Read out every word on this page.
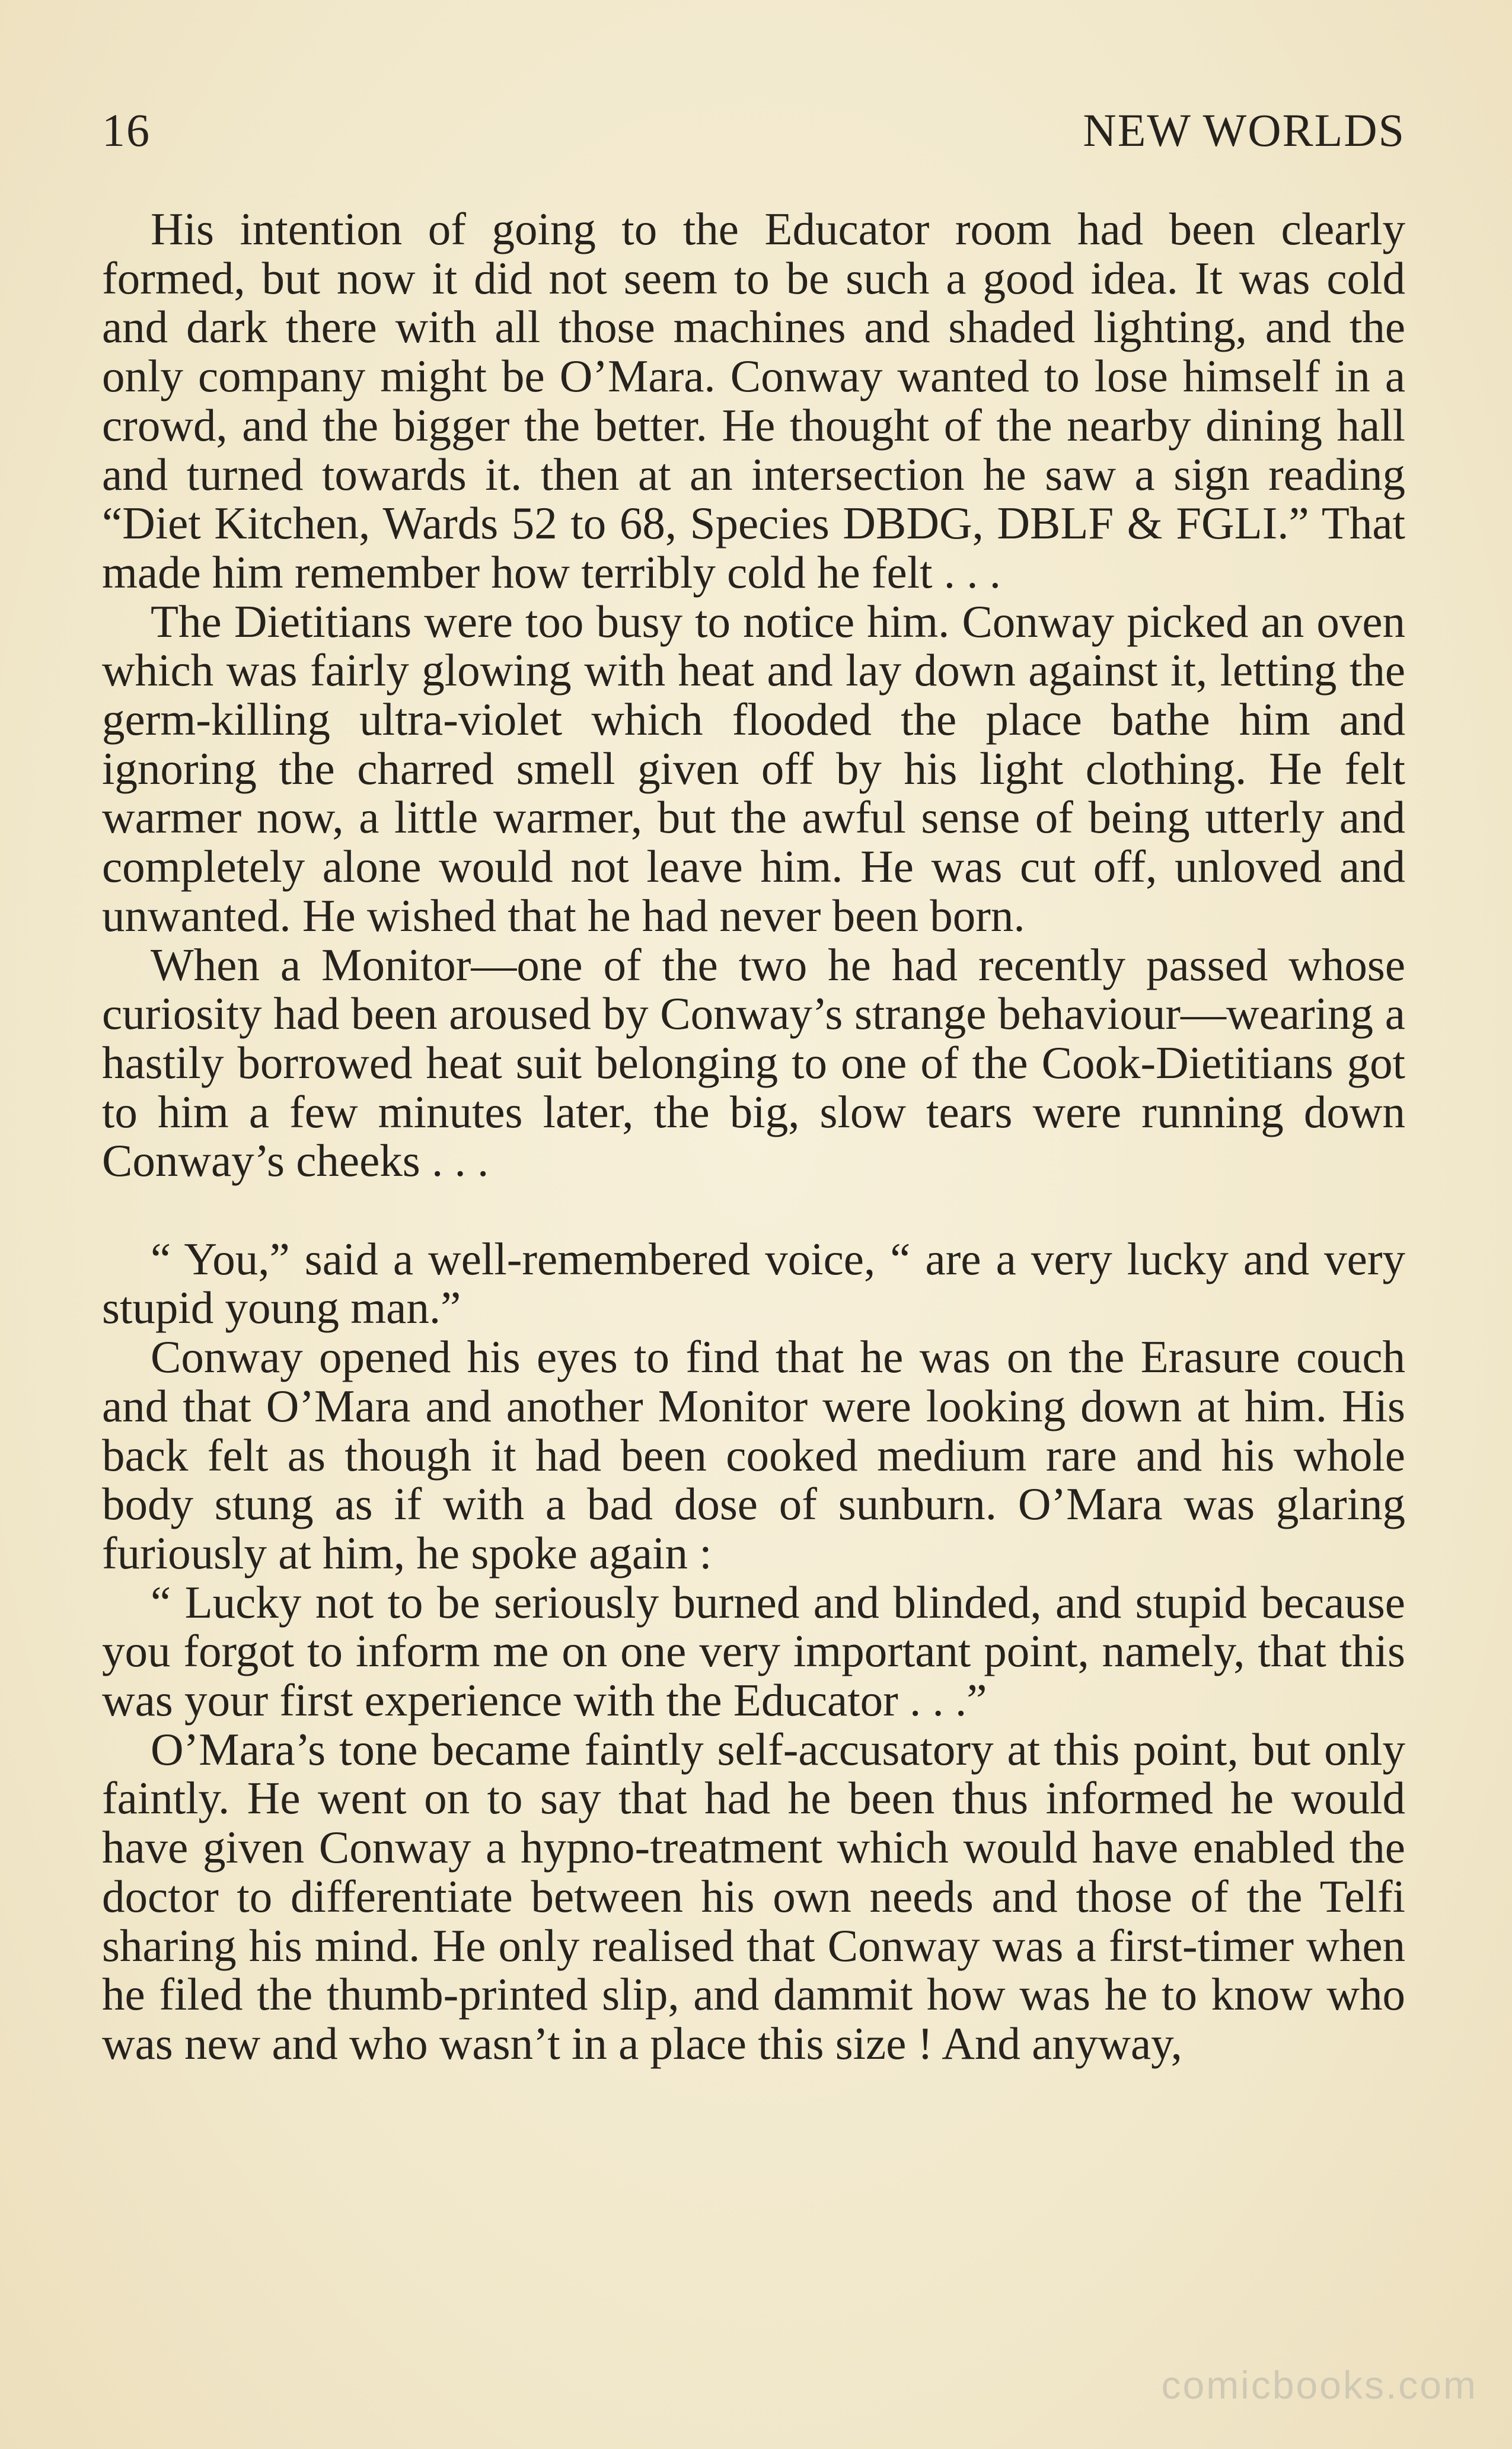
16	NEW WORLDS

His intention of going to the Educator room had been clearly formed, but now it did not seem to be such a good idea. It was cold and dark there with all those machines and shaded lighting, and the only company might be O’Mara. Conway wanted to lose himself in a crowd, and the bigger the better. He thought of the nearby dining hall and turned towards it. then at an intersection he saw a sign reading “Diet Kitchen, Wards 52 to 68, Species DBDG, DBLF & FGLI.” That made him remember how terribly cold he felt . . .

The Dietitians were too busy to notice him. Conway picked an oven which was fairly glowing with heat and lay down against it, letting the germ-killing ultra-violet which flooded the place bathe him and ignoring the charred smell given off by his light clothing. He felt warmer now, a little warmer, but the awful sense of being utterly and completely alone would not leave him. He was cut off, unloved and unwanted. He wished that he had never been born.

When a Monitor—one of the two he had recently passed whose curiosity had been aroused by Conway’s strange behaviour—wearing a hastily borrowed heat suit belonging to one of the Cook-Dietitians got to him a few minutes later, the big, slow tears were running down Conway’s cheeks . . .

“ You,” said a well-remembered voice, “ are a very lucky and very stupid young man.”

Conway opened his eyes to find that he was on the Erasure couch and that O’Mara and another Monitor were looking down at him. His back felt as though it had been cooked medium rare and his whole body stung as if with a bad dose of sunburn. O’Mara was glaring furiously at him, he spoke again :

“ Lucky not to be seriously burned and blinded, and stupid because you forgot to inform me on one very important point, namely, that this was your first experience with the Educator . . .”

O’Mara’s tone became faintly self-accusatory at this point, but only faintly. He went on to say that had he been thus informed he would have given Conway a hypno-treatment which would have enabled the doctor to differentiate between his own needs and those of the Telfi sharing his mind. He only realised that Conway was a first-timer when he filed the thumb-printed slip, and dammit how was he to know who was new and who wasn’t in a place this size ! And anyway,

comicbooks.com
